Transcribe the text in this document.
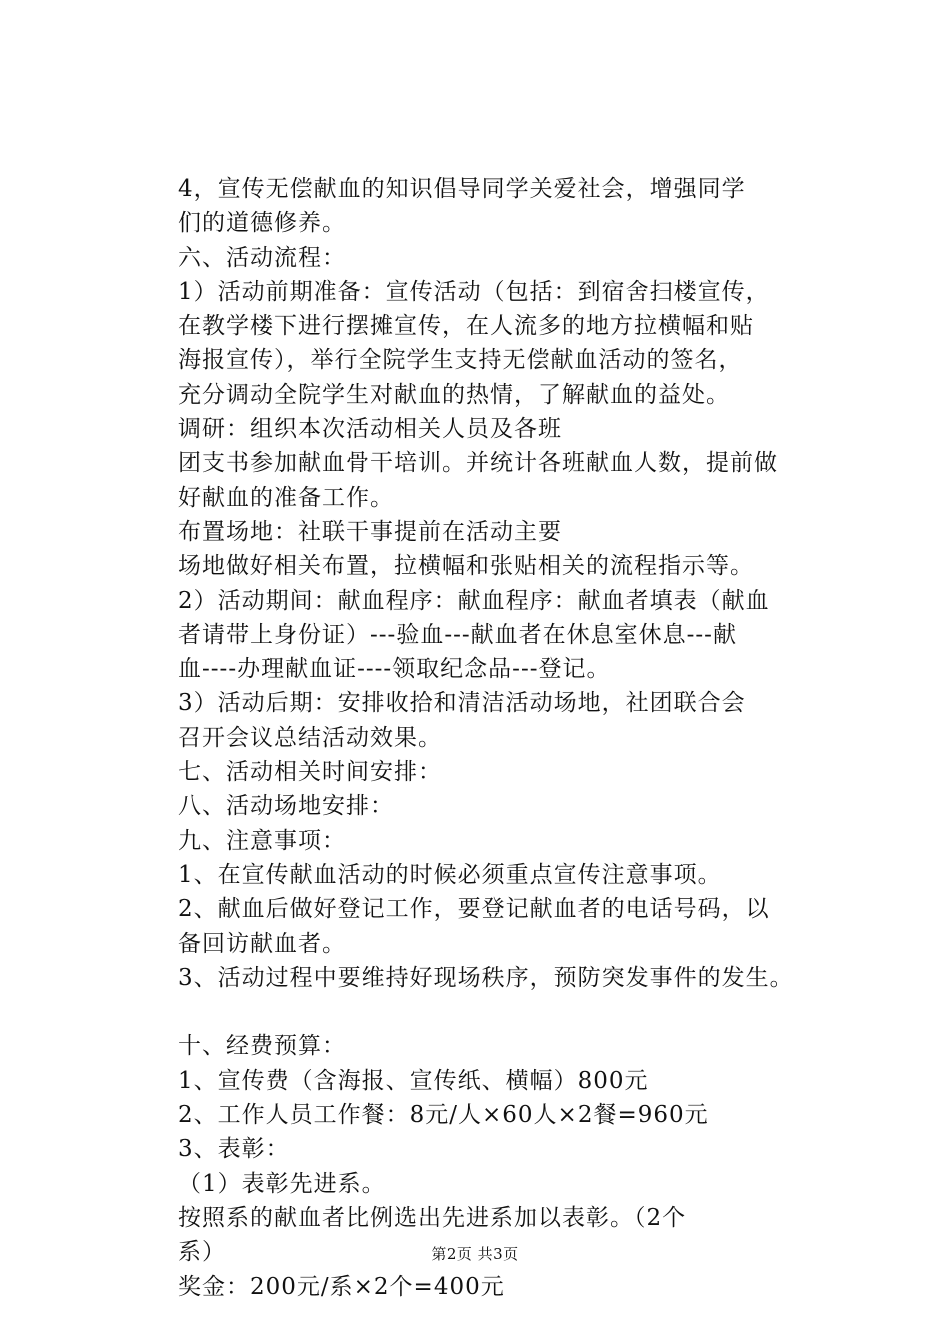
4，宣传无偿献血的知识倡导同学关爱社会，增强同学
们的道德修养。
六、活动流程：
1）活动前期准备：宣传活动（包括：到宿舍扫楼宣传，
在教学楼下进行摆摊宣传，在人流多的地方拉横幅和贴
海报宣传），举行全院学生支持无偿献血活动的签名，
充分调动全院学生对献血的热情，了解献血的益处。
调研：组织本次活动相关人员及各班
团支书参加献血骨干培训。并统计各班献血人数，提前做
好献血的准备工作。
布置场地：社联干事提前在活动主要
场地做好相关布置，拉横幅和张贴相关的流程指示等。
2）活动期间：献血程序：献血程序：献血者填表（献血
者请带上身份证）---验血---献血者在休息室休息---献
血----办理献血证----领取纪念品---登记。
3）活动后期：安排收拾和清洁活动场地，社团联合会
召开会议总结活动效果。
七、活动相关时间安排：
八、活动场地安排：
九、注意事项：
1、在宣传献血活动的时候必须重点宣传注意事项。
2、献血后做好登记工作，要登记献血者的电话号码，以
备回访献血者。
3、活动过程中要维持好现场秩序，预防突发事件的发生。
十、经费预算：
1、宣传费（含海报、宣传纸、横幅）800元
2、工作人员工作餐：8元/人×60人×2餐=960元
3、表彰：
（1）表彰先进系。
按照系的献血者比例选出先进系加以表彰。（2个
系）
奖金：200元/系×2个=400元
第2页 共3页
